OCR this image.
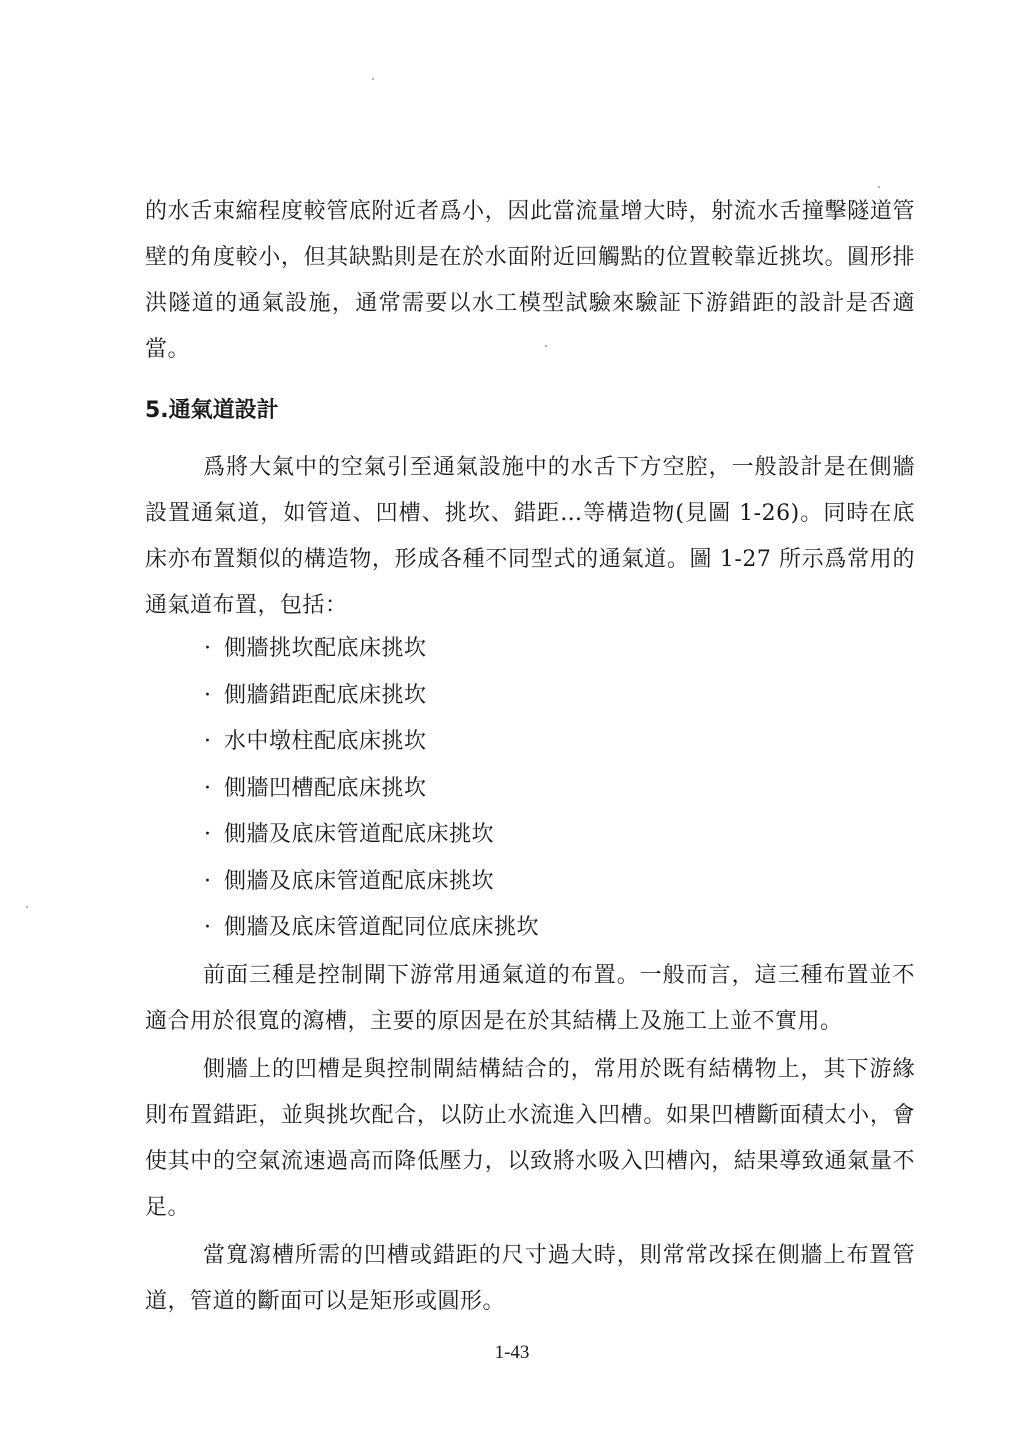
的水舌束縮程度較管底附近者爲小，因此當流量增大時，射流水舌撞擊隧道管壁的角度較小，但其缺點則是在於水面附近回觸點的位置較靠近挑坎。圓形排洪隧道的通氣設施，通常需要以水工模型試驗來驗証下游錯距的設計是否適當。

5.通氣道設計

爲將大氣中的空氣引至通氣設施中的水舌下方空腔，一般設計是在側牆設置通氣道，如管道、凹槽、挑坎、錯距…等構造物(見圖 1-26)。同時在底床亦布置類似的構造物，形成各種不同型式的通氣道。圖 1-27 所示爲常用的通氣道布置，包括：

· 側牆挑坎配底床挑坎
· 側牆錯距配底床挑坎
· 水中墩柱配底床挑坎
· 側牆凹槽配底床挑坎
· 側牆及底床管道配底床挑坎
· 側牆及底床管道配底床挑坎
· 側牆及底床管道配同位底床挑坎

前面三種是控制閘下游常用通氣道的布置。一般而言，這三種布置並不適合用於很寬的瀉槽，主要的原因是在於其結構上及施工上並不實用。

側牆上的凹槽是與控制閘結構結合的，常用於既有結構物上，其下游緣則布置錯距，並與挑坎配合，以防止水流進入凹槽。如果凹槽斷面積太小，會使其中的空氣流速過高而降低壓力，以致將水吸入凹槽內，結果導致通氣量不足。

當寬瀉槽所需的凹槽或錯距的尺寸過大時，則常常改採在側牆上布置管道，管道的斷面可以是矩形或圓形。

1-43
